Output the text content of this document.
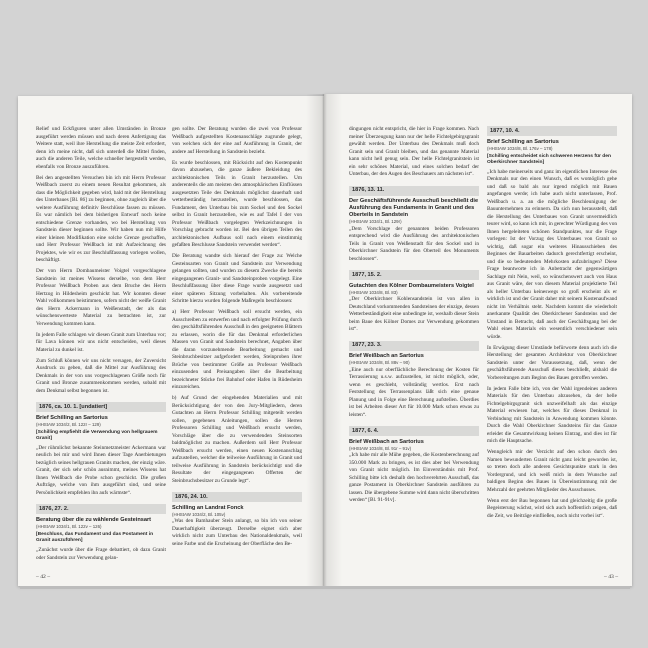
Relief und Eckfiguren unter allen Umständen in Bronze ausgeführt werden müssen und nach deren Anfertigung das Weitere statt, weil ihre Herstellung die meiste Zeit erfordert, denn ich meine nicht, daß sich unterdeß die Mittel finden, auch die anderen Teile, welche schneller hergestellt werden, ebenfalls von Bronze auszuführen.

Bei den angestellten Versuchen bin ich mit Herrn Professor Weißbach zuerst zu einem neuen Resultat gekommen, als dass die Möglichkeit gegeben wird, bald mit der Herstellung des Unterbaues [Bl. 86] zu beginnen, ohne zugleich über die weitere Ausführung definitiv Beschlüsse fassen zu müssen. Es war nämlich bei dem bisherigen Entwurf noch keine entschiedene Grenze vorhanden, wo bei Herstellung von Sandstein dieser beginnen sollte. Wir haben nun mit Hilfe einer kleinen Modifikation eine solche Grenze geschaffen, und Herr Professor Weißbach ist mit Aufzeichnung des Projektes, wie wir es zur Beschlußfassung vorlegen wollen, beschäftigt.

Der von Herrn Dombaumeister Voigtel vorgeschlagene Sandstein ist meines Wissens derselbe, von dem Herr Professor Weißbach Proben aus dem Bruche des Herrn Hertzog in Hildesheim geschickt hat. Wir konnten dieser Wahl vollkommen beistimmen, sofern nicht der weiße Granit des Herrn Ackermann in Weißenstadt, der als das wünschenswerteste Material zu betrachten ist, zur Verwendung kommen kann.

In jedem Falle schlagen wir diesen Granit zum Unterbau vor; für Lava können wir uns nicht entscheiden, weil dieses Material zu dunkel ist.

Zum Schluß können wir uns nicht versagen, der Zuversicht Ausdruck zu geben, daß die Mittel zur Ausführung des Denkmals in der von uns vorgeschlagenen Größe noch für Granit und Bronze zusammenkommen werden, sobald mit dem Denkmal selbst begonnen ist.

1876, ca. 10. 1. [undatiert]
Brief Schilling an Sartorius
(HHStAW 1034/2, Bl. 122r – 129)
[Schilling empfiehlt die Verwendung von hellgrauem Granit]

„Der rühmlichst bekannte Steinmetzmeister Ackermann war neulich bei mir und wird Ihnen dieser Tage Anerbietungen bezüglich seines hellgrauen Granits machen, der einzig wäre. Granit, der sich sehr schön ausnimmt, meines Wissens hat Ihnen Weißbach die Probe schon geschickt. Die großen Aufträge, welche von ihm ausgeführt sind, und seine Persönlichkeit empfehlen ihn aufs wärmste“.

1876, 27. 2.
Beratung über die zu wählende Gesteinsart
(HHStAW 1034/1, Bl. 122v – 126)
[Beschluss, das Fundament und das Postament in Granit auszuführen]

„Zunächst wurde über die Frage debattiert, ob dazu Granit oder Sandstein zur Verwendung gelan-

gen sollte. Der Beratung wurden die zwei von Professor Weißbach aufgestellten Kostenanschläge zugrunde gelegt, von welchen sich der eine auf Ausführung in Granit, der andere auf Herstellung in Sandstein bezieht.

Es wurde beschlossen, mit Rücksicht auf den Kostenpunkt davon abzusehen, die ganze äußere Bekleidung des architektonischen Teils in Granit herzustellen. Um anderenteils die am meisten den atmosphärischen Einflüssen ausgesetzten Teile des Denkmals möglichst dauerhaft und wetterbeständig herzustellen, wurde beschlossen, das Fundament, den Unterbau bis zum Sockel und den Sockel selbst in Granit herzustellen, wie es auf Tafel I der von Professor Weißbach vorgelegten Werkzeichnungen in Vorschlag gebracht worden ist. Bei den übrigen Teilen des architektonischen Aufbaus soll nach einem einstimmig gefaßten Beschlusse Sandstein verwendet werden“.

Die Beratung wandte sich hierauf der Frage zu: Welche Gesteinsarten von Granit und Sandstein zur Verwendung gelangen sollten, und wurden zu diesem Zwecke die bereits eingegangenen Granit- und Sandsteinproben vorgelegt. Eine Beschlußfassung über diese Frage wurde ausgesetzt und einer späteren Sitzung vorbehalten. Als vorbereitende Schritte hierzu wurden folgende Maßregeln beschlossen:

a) Herr Professor Weißbach soll ersucht werden, ein Ausschreiben zu entwerfen und nach erfolgter Prüfung durch den geschäftsführenden Ausschuß in den geeigneten Blättern zu erlassen, worin die für das Denkmal erforderlichen Massen von Granit und Sandstein berechnet, Angaben über die daran vorzunehmende Bearbeitung gemacht und Steinbruchbesitzer aufgefordert werden, Steinproben ihrer Brüche von bestimmter Größe an Professor Weißbach einzusenden und Preisangaben über die Bearbeitung bezeichneter Stücke frei Bahnhof oder Hafen in Rüdesheim einzureichen.

b) Auf Grund der eingehenden Materialien und mit Berücksichtigung der von den Jury-Mitgliedern, deren Gutachten an Herrn Professor Schilling mitgeteilt werden sollen, gegebenen Anleitungen, sollen die Herren Professoren Schilling und Weißbach ersucht werden, Vorschläge über die zu verwendenden Steinsorten baldmöglichst zu machen. Außerdem soll Herr Professor Weißbach ersucht werden, einen neuen Kostenanschlag aufzustellen, welcher die teilweise Ausführung in Granit und teilweise Ausführung in Sandstein berücksichtigt und die Resultate der eingegangenen Offerten der Steinbruchsbesitzer zu Grunde legt“.

1876, 24. 10.
Schilling an Landrat Fonck
(HHStAW 1034/2, Bl. 105v)

„Was den Bamhauber Stein anlangt, so bin ich von seiner Dauerhaftigkeit überzeugt. Derselbe eignet sich aber wirklich nicht zum Unterbau des Nationaldenkmals, weil seine Farbe und die Erscheinung der Oberfläche den Be-

– 42 –

dingungen nicht entspricht, die hier in Frage kommen. Nach meiner Überzeugung kann nur der helle Fichtelgebirgsgranit gewählt werden. Der Unterbau des Denkmals muß doch Granit sein und Granit bleiben, und das genannte Material kann nicht hell genug sein. Der helle Fichtelgranitstein ist ein sehr schönes Material, und eines solchen bedarf der Unterbau, der den Augen des Beschauers am nächsten ist“.

1876, 13. 11.
Der Geschäftsführende Ausschuß beschließt die Ausführung des Fundaments in Granit und des Oberteils in Sandstein
(HHStAW 1034/1, Bl. 129r)

„Dem Vorschlage der genannten beiden Professoren entsprechend wird die Ausführung des architektonischen Teils in Granit von Weißenstadt für den Sockel und in Oberkirchner Sandstein für den Oberteil des Monuments beschlossen“.

1877, 15. 2.
Gutachten des Kölner Dombaumeisters Voigtel
(HHStAW 1034/8, Bl. 83)

„Der Oberkirchner Kohlensandstein ist von allen in Deutschland vorkommenden Sandsteinen der einzige, dessen Wetterbeständigkeit eine unbedingte ist, weshalb dieser Stein beim Baue des Kölner Domes zur Verwendung gekommen ist“.

1877, 23. 3.
Brief Weißbach an Sartorius
(HHStAW 1034/8, Bl. 88v – 90)

„Eine auch nur oberflächliche Berechnung der Kosten für Terrassierung u.s.w. aufzustellen, ist nicht möglich, oder, wenn es geschieht, vollständig wertlos. Erst nach Feststellung des Terrassenplans läßt sich eine genaue Planung und in Folge eine Berechnung aufstellen. Überdies ist bei Arbeiten dieser Art für 10.000 Mark schon etwas zu leisten“.

1877, 6. 4.
Brief Weißbach an Sartorius
(HHStAW 1034/8, Bl. 91r – 91v)

„Ich habe mir alle Mühe gegeben, die Kostenberechnung auf 350.000 Mark zu bringen, es ist dies aber bei Verwendung von Granit nicht möglich. Im Einverständnis mit Prof. Schilling bitte ich deshalb den hochverehrten Ausschuß, das ganze Postament in Oberkirchner Sandstein ausführen zu lassen. Die übergebene Summe wird dann nicht überschritten werden“ [Bl. 91-91v].

1877, 10. 4.
Brief Schilling an Sartorius
(HHStAW 1034/8, Bl. 176v – 178)
[Schilling entscheidet sich schweren Herzens für den Oberkirchner Sandstein]

„Ich habe meinerseits und ganz im eigentlichen Interesse des Denkmals nur den einen Wunsch, daß es womöglich gehe und daß so bald als nur irgend möglich mit Bauen angefangen werde; ich habe auch nicht unterlassen, Prof. Weißbach u. a. an die mögliche Beschleunigung der Bauunternehmen zu erinnern. Da sich nun herausstellt, daß die Herstellung des Unterbaues von Granit unvermeidlich teurer wird, so kann ich mir, in gerechter Würdigung des von Ihnen hergeleiteten schönen Standpunktes, nur die Frage vorlegen: Ist der Vorzug des Unterbaues von Granit so wichtig, daß sogar ein weiteres Hinausschieben des Beginnes der Bauarbeiten dadurch gerechtfertigt erscheint, und die so bedeutenden Mehrkosten aufzubringen? Diese Frage beantworte ich in Anbetracht der gegenwärtigen Sachlage mit Nein, weil, so wünschenswert auch von Haus aus Granit wäre, der von diesem Material projektierte Teil als heller Unterbau keineswegs so groß erscheint als er wirklich ist und der Granit daher mit seinem Kostenaufwand nicht im Verhältnis steht. Nachdem kommt die wiederholt anerkannte Qualität des Oberkirchener Sandsteins und der Umstand in Betracht, daß auch der Geschäftsgang bei der Wahl eines Materials ein wesentlich verschiedener sein würde.

In Erwägung dieser Umstände befürworte denn auch ich die Herstellung der gesamten Architektur von Oberkirchner Sandstein unter der Voraussetzung, daß, wenn der geschäftsführende Ausschuß dieses beschließt, alsbald die Vorbereitungen zum Beginn des Baues getroffen werden.

In jedem Falle bitte ich, von der Wahl irgendeines anderen Materials für den Unterbau abzusehen, da der helle Fichtelgebirgsgranit sich unzweifelhaft als das einzige Material erwiesen hat, welches für dieses Denkmal in Verbindung mit Sandstein in Anwendung kommen könnte. Durch die Wahl Oberkirchner Sandsteins für das Ganze erleidet die Gesamtwirkung keinen Eintrag, und dies ist für mich die Hauptsache.

Wenngleich mir der Verzicht auf den schon durch den Namen bewunderten Granit nicht ganz leicht geworden ist, so treten doch alle anderen Gesichtspunkte stark in den Vordergrund, und ich weiß mich in dem Wunsche auf baldigen Beginn des Baues in Übereinstimmung mit der Mehrzahl der geehrten Mitglieder des Ausschusses.

Wenn erst der Bau begonnen hat und gleichzeitig die große Begeisterung wächst, wird sich auch hoffentlich zeigen, daß die Zeit, wo Beiträge einfließen, noch nicht vorbei ist“.

– 43 –
